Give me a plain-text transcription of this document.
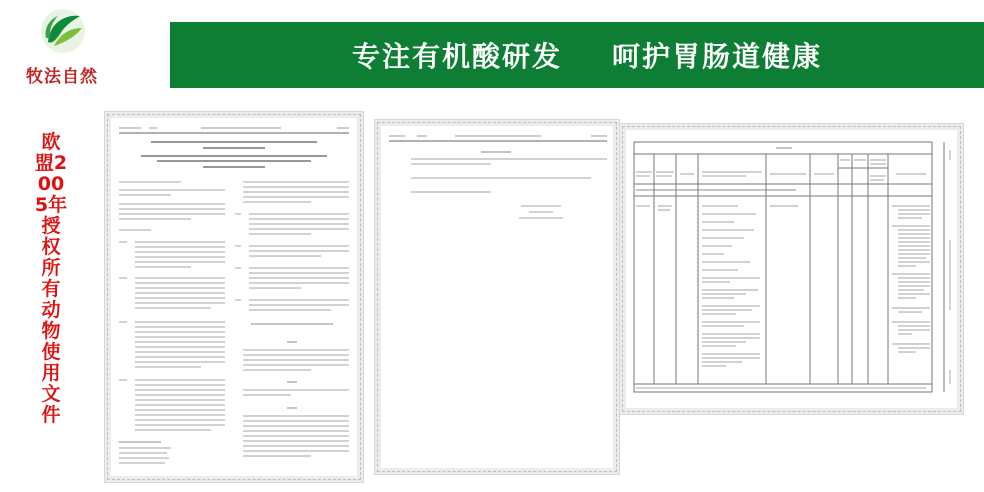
牧法自然
专注有机酸研发 呵护胃肠道健康
欧盟2005年授权所有动物使用文件
